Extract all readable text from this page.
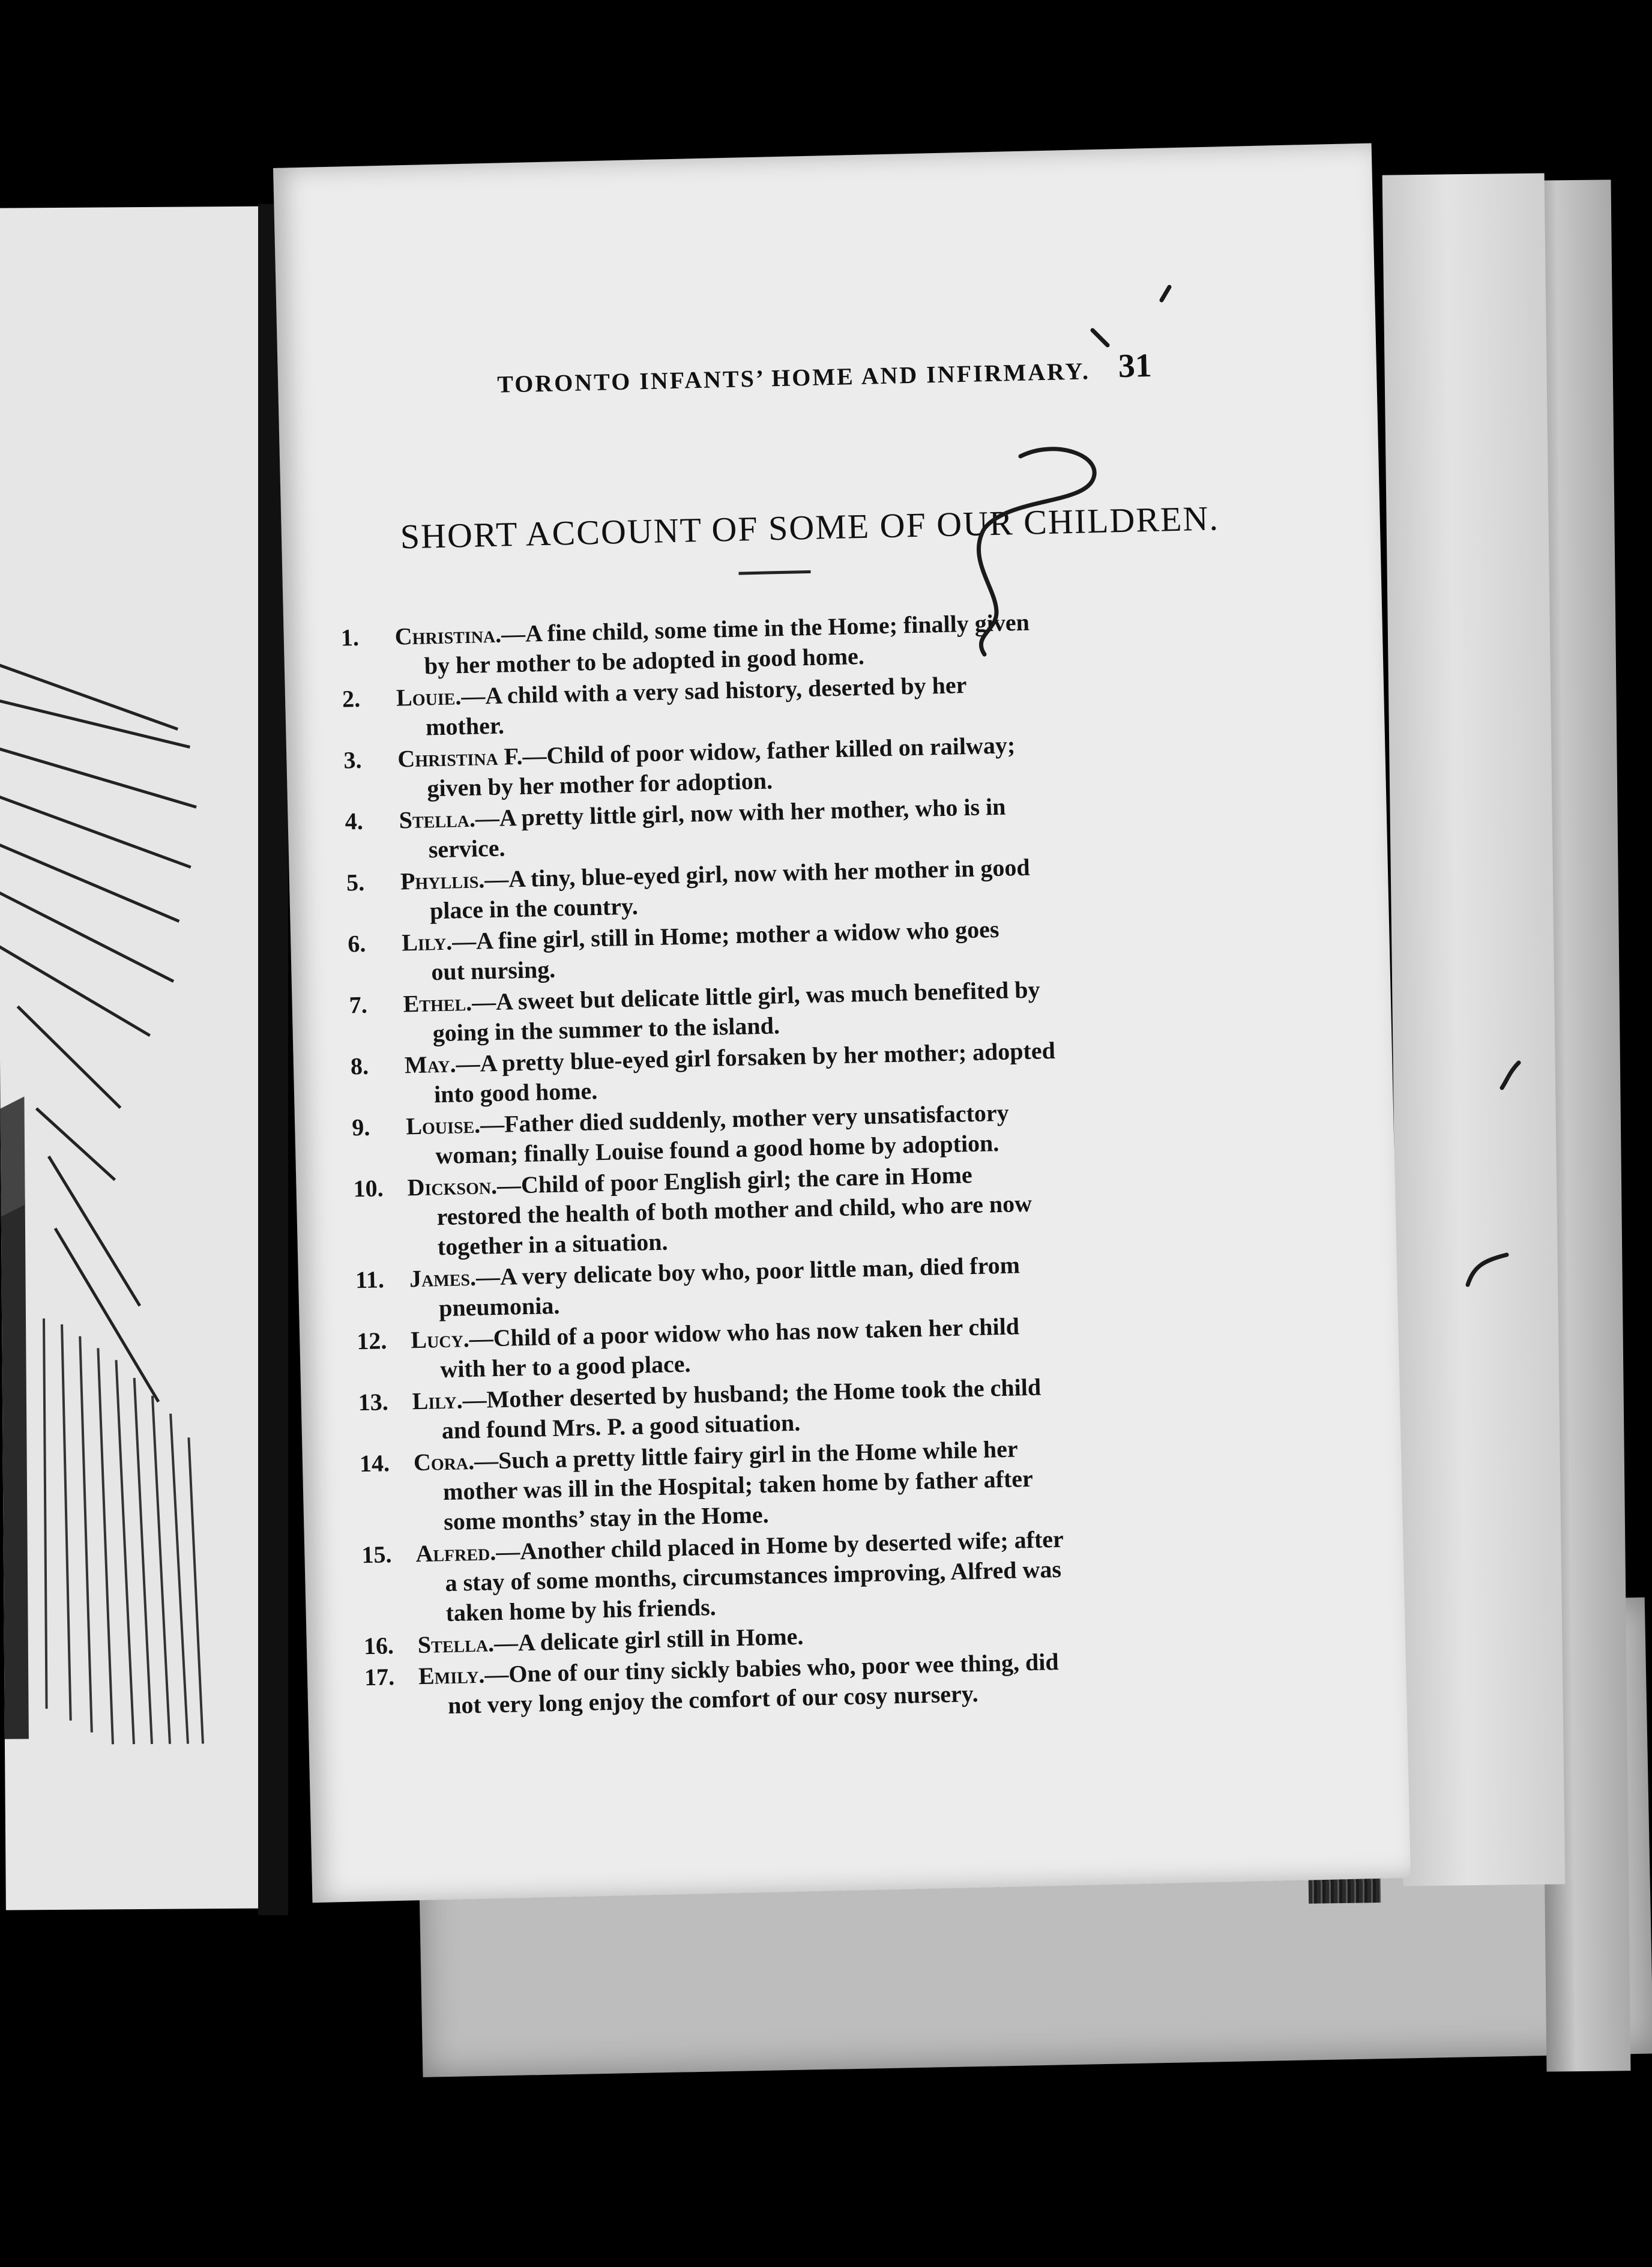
TORONTO INFANTS’ HOME AND INFIRMARY. 31
SHORT ACCOUNT OF SOME OF OUR CHILDREN.
1.	Christina.—A fine child, some time in the Home; finally given
by her mother to be adopted in good home.
2.	Louie.—A child with a very sad history, deserted by her
mother.
3.	Christina F.—Child of poor widow, father killed on railway;
given by her mother for adoption.
4.	Stella.—A pretty little girl, now with her mother, who is in
service.
5.	Phyllis.—A tiny, blue-eyed girl, now with her mother in good
place in the country.
6.	Lily.—A fine girl, still in Home; mother a widow who goes
out nursing.
7.	Ethel.—A sweet but delicate little girl, was much benefited by
going in the summer to the island.
8.	May.—A pretty blue-eyed girl forsaken by her mother; adopted
into good home.
9.	Louise.—Father died suddenly, mother very unsatisfactory
woman; finally Louise found a good home by adoption.
10. Dickson.—Child of poor English girl; the care in Home
restored the health of both mother and child, who are now
together in a situation.
11.	James.—A very delicate boy who, poor little man, died from
pneumonia.
12. Lucy.—Child of a poor widow who has now taken her child
with her to a good place.
13. Lily.—Mother deserted by husband; the Home took the child
and found Mrs. P. a good situation.
14. Cora.—Such a pretty little fairy girl in the Home while her
mother was ill in the Hospital; taken home by father after
some months’ stay in the Home.
15. Alfred.—Another child placed in Home by deserted wife; after
a stay of some months, circumstances improving, Alfred was
taken home by his friends.
16. Stella.—A delicate girl still in Home.
17. Emily.—One of our tiny sickly babies who, poor wee thing, did
not very long enjoy the comfort of our cosy nursery.
